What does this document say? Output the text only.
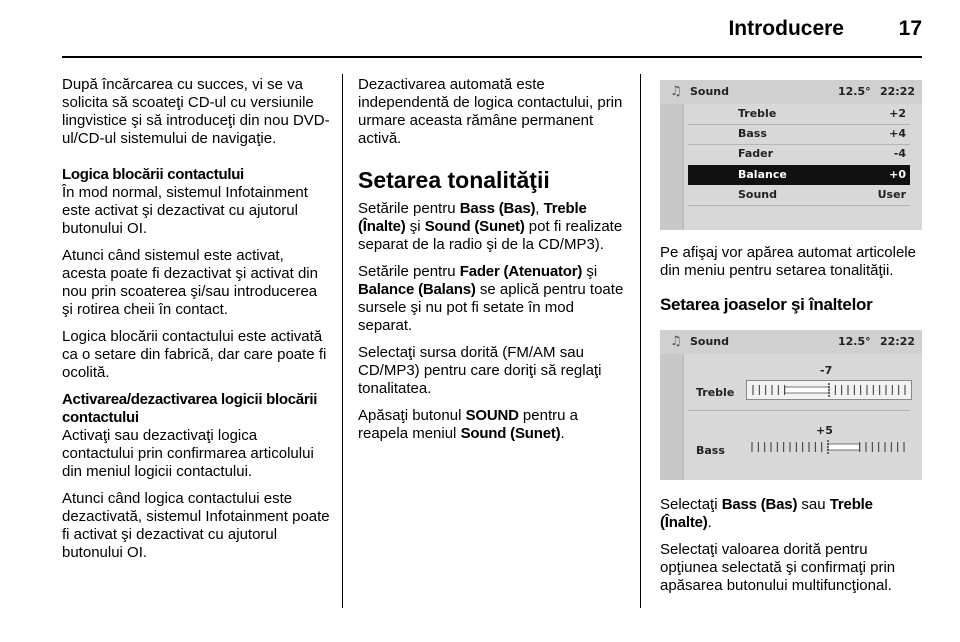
Introducere	17

După încărcarea cu succes, vi se va solicita să scoateţi CD-ul cu versiunile lingvistice şi să introduceţi din nou DVD-ul/CD-ul sistemului de navigaţie.

Logica blocării contactului
În mod normal, sistemul Infotainment este activat şi dezactivat cu ajutorul butonului OI.

Atunci când sistemul este activat, acesta poate fi dezactivat şi activat din nou prin scoaterea şi/sau introducerea şi rotirea cheii în contact.

Logica blocării contactului este activată ca o setare din fabrică, dar care poate fi ocolită.

Activarea/dezactivarea logicii blocării contactului
Activaţi sau dezactivaţi logica contactului prin confirmarea articolului din meniul logicii contactului.

Atunci când logica contactului este dezactivată, sistemul Infotainment poate fi activat şi dezactivat cu ajutorul butonului OI.

Dezactivarea automată este independentă de logica contactului, prin urmare aceasta rămâne permanent activă.

Setarea tonalităţii

Setările pentru Bass (Bas), Treble (Înalte) şi Sound (Sunet) pot fi realizate separat de la radio şi de la CD/MP3).

Setările pentru Fader (Atenuator) şi Balance (Balans) se aplică pentru toate sursele şi nu pot fi setate în mod separat.

Selectaţi sursa dorită (FM/AM sau CD/MP3) pentru care doriţi să reglaţi tonalitatea.

Apăsaţi butonul SOUND pentru a reapela meniul Sound (Sunet).

♫ Sound	12.5° 22:22
Treble	+2
Bass	+4
Fader	-4
Balance	+0
Sound	User

Pe afişaj vor apărea automat articolele din meniu pentru setarea tonalităţii.

Setarea joaselor şi înaltelor
♫ Sound	12.5° 22:22
-7
Treble
+5
Bass

Selectaţi Bass (Bas) sau Treble (Înalte).

Selectaţi valoarea dorită pentru opţiunea selectată şi confirmaţi prin apăsarea butonului multifuncţional.
